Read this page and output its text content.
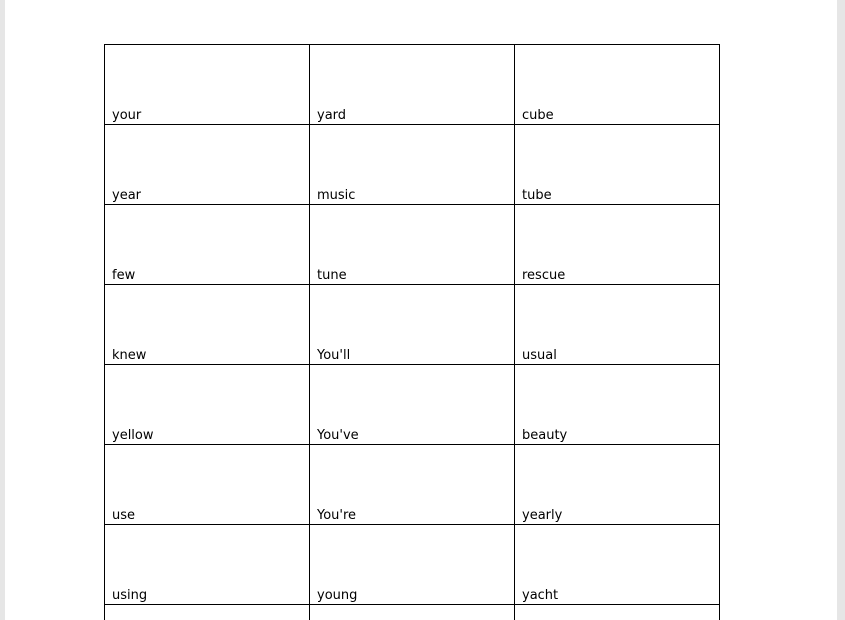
your	yard	cube

year	music	tube

few	tune	rescue

knew	You'll	usual

yellow	You've	beauty

use	You're	yearly

using	young	yacht
